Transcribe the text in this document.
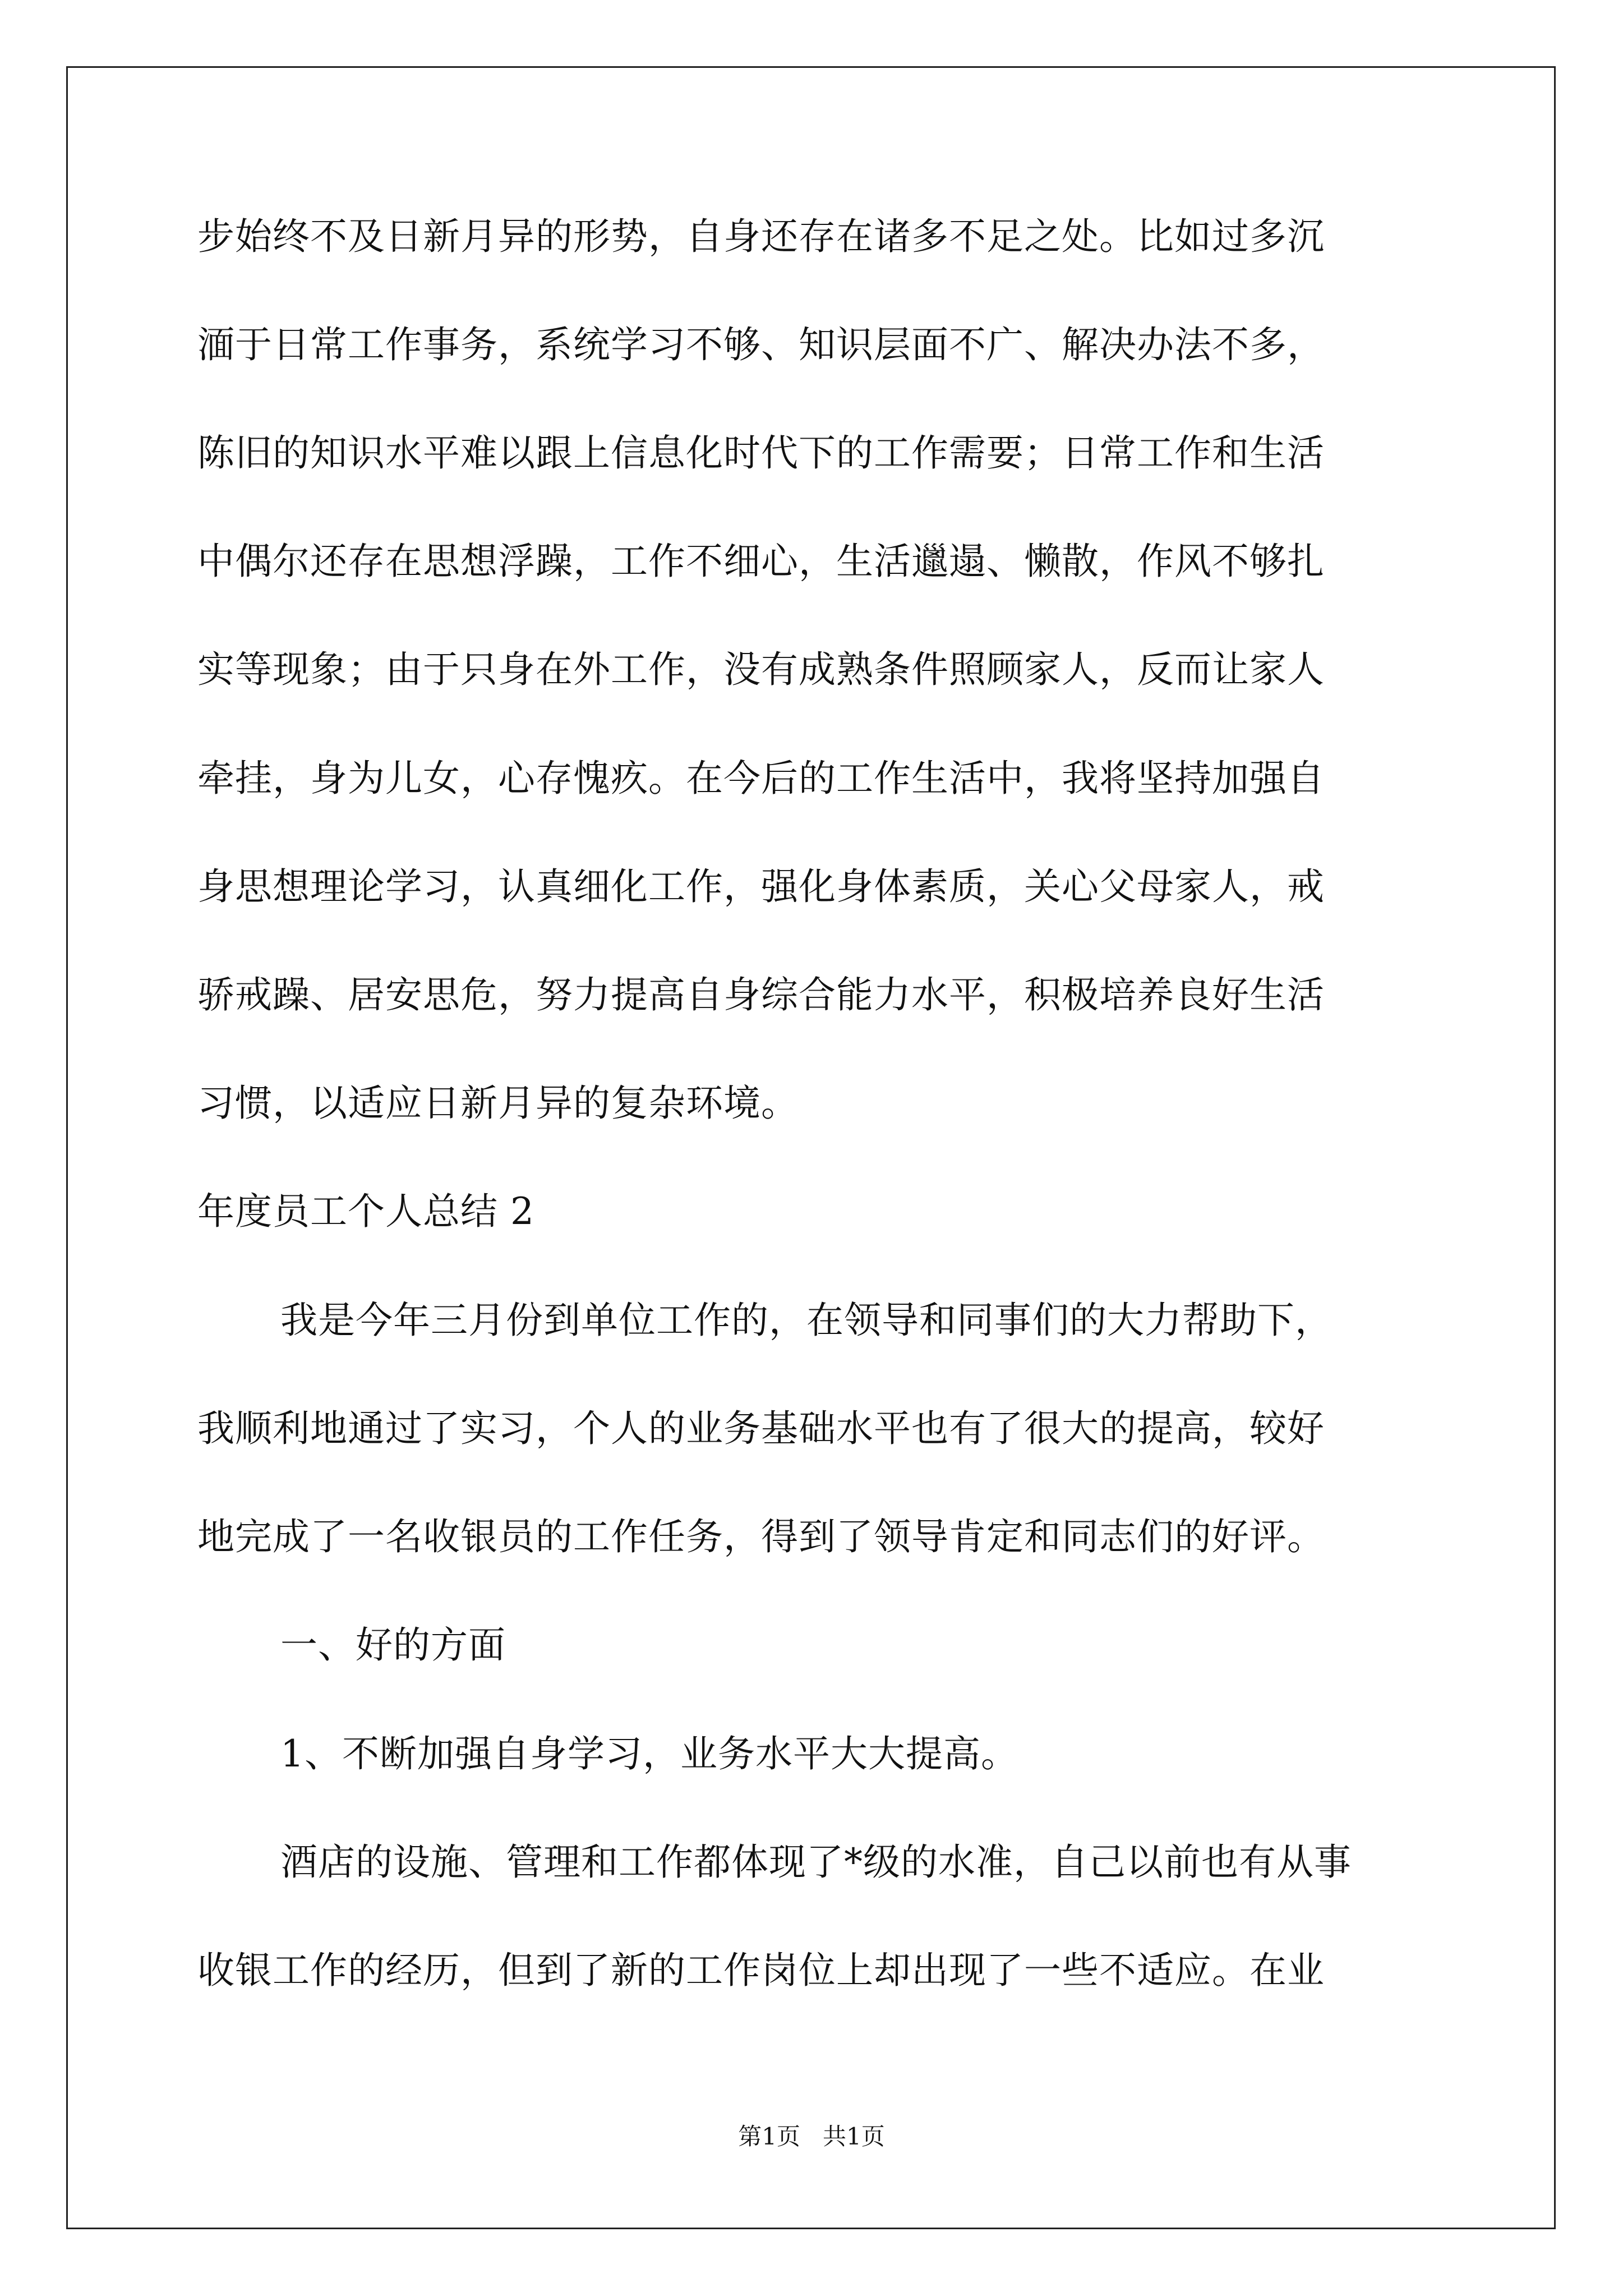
步始终不及日新月异的形势，自身还存在诸多不足之处。比如过多沉
湎于日常工作事务，系统学习不够、知识层面不广、解决办法不多，
陈旧的知识水平难以跟上信息化时代下的工作需要；日常工作和生活
中偶尔还存在思想浮躁，工作不细心，生活邋遢、懒散，作风不够扎
实等现象；由于只身在外工作，没有成熟条件照顾家人，反而让家人
牵挂，身为儿女，心存愧疚。在今后的工作生活中，我将坚持加强自
身思想理论学习，认真细化工作，强化身体素质，关心父母家人，戒
骄戒躁、居安思危，努力提高自身综合能力水平，积极培养良好生活
习惯，以适应日新月异的复杂环境。
年度员工个人总结 2
我是今年三月份到单位工作的，在领导和同事们的大力帮助下，
我顺利地通过了实习，个人的业务基础水平也有了很大的提高，较好
地完成了一名收银员的工作任务，得到了领导肯定和同志们的好评。
一、好的方面
1、不断加强自身学习，业务水平大大提高。
酒店的设施、管理和工作都体现了*级的水准，自己以前也有从事
收银工作的经历，但到了新的工作岗位上却出现了一些不适应。在业
第1页   共1页
